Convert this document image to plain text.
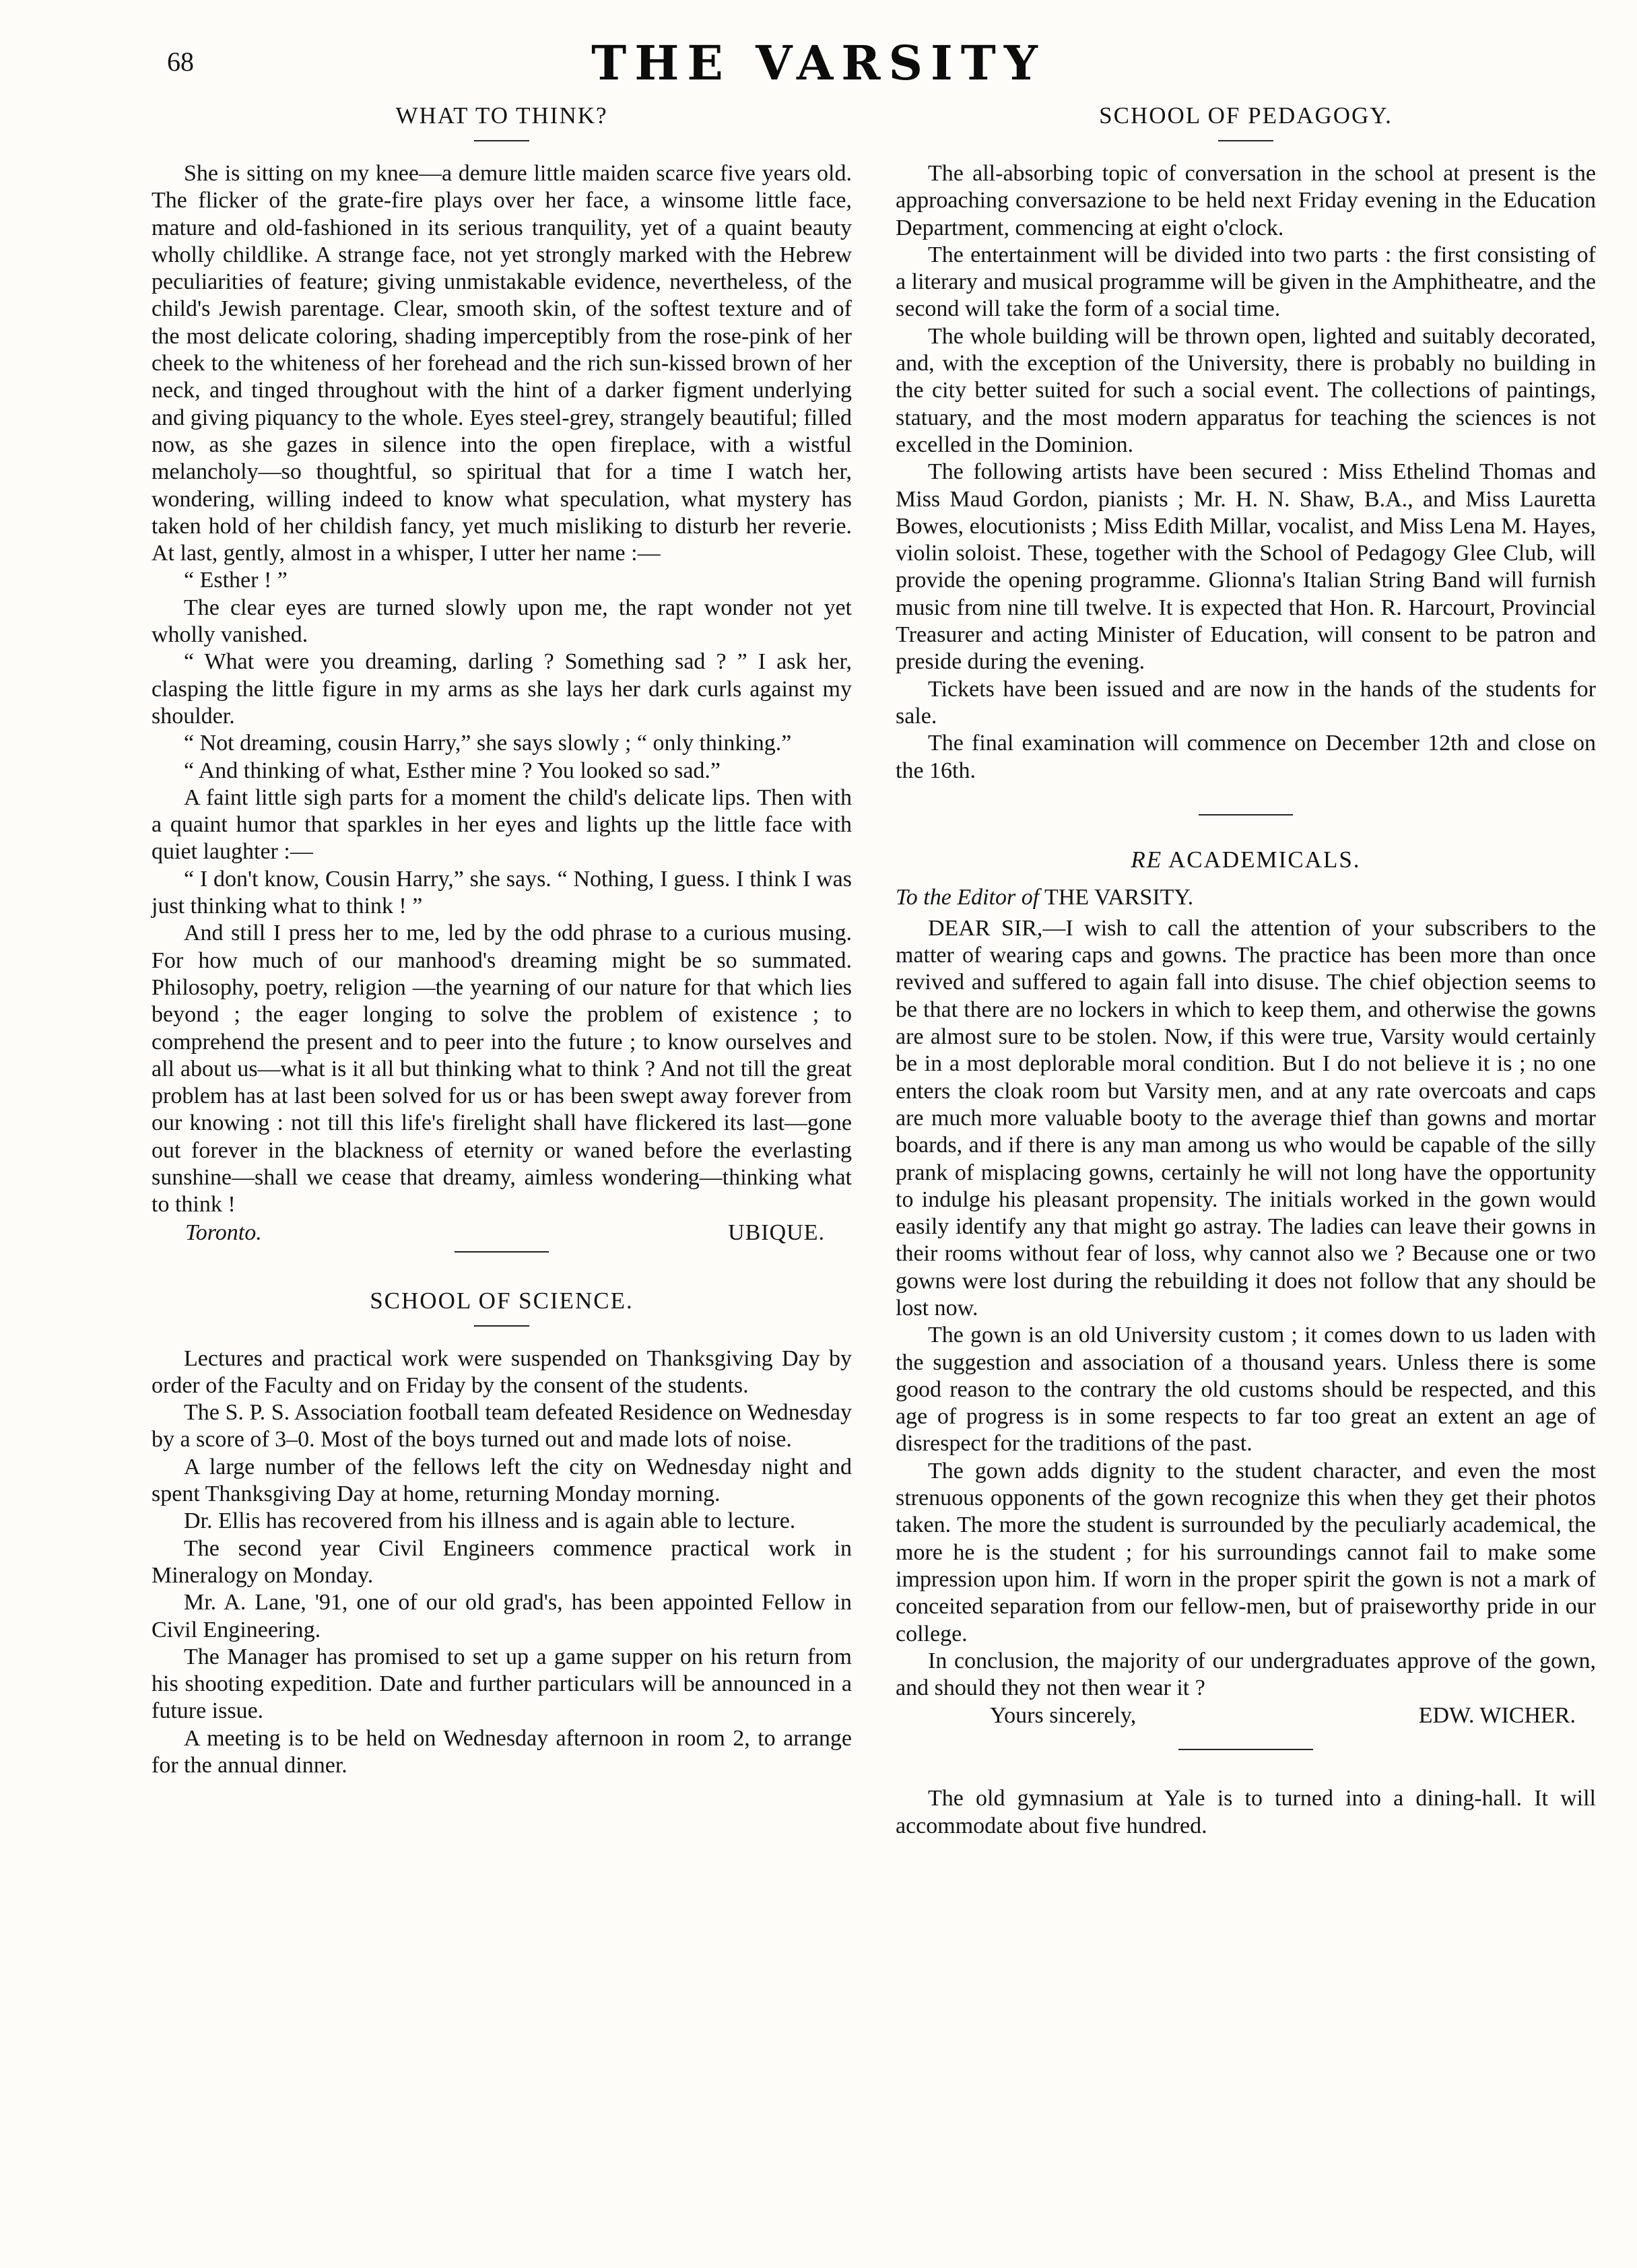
68	THE VARSITY
WHAT TO THINK?

She is sitting on my knee—a demure little maiden scarce five years old. The flicker of the grate-fire plays over her face, a winsome little face, mature and old-fashioned in its serious tranquility, yet of a quaint beauty wholly childlike. A strange face, not yet strongly marked with the Hebrew peculiarities of feature; giving unmistakable evidence, nevertheless, of the child's Jewish parentage. Clear, smooth skin, of the softest texture and of the most delicate coloring, shading imperceptibly from the rose-pink of her cheek to the whiteness of her forehead and the rich sun-kissed brown of her neck, and tinged throughout with the hint of a darker figment underlying and giving piquancy to the whole. Eyes steel-grey, strangely beautiful; filled now, as she gazes in silence into the open fireplace, with a wistful melancholy—so thoughtful, so spiritual that for a time I watch her, wondering, willing indeed to know what speculation, what mystery has taken hold of her childish fancy, yet much misliking to disturb her reverie. At last, gently, almost in a whisper, I utter her name :—

“ Esther ! ”

The clear eyes are turned slowly upon me, the rapt wonder not yet wholly vanished.

“ What were you dreaming, darling ? Something sad ? ” I ask her, clasping the little figure in my arms as she lays her dark curls against my shoulder.

“ Not dreaming, cousin Harry,” she says slowly ; “ only thinking.”

“ And thinking of what, Esther mine ? You looked so sad.”

A faint little sigh parts for a moment the child's delicate lips. Then with a quaint humor that sparkles in her eyes and lights up the little face with quiet laughter :—

“ I don't know, Cousin Harry,” she says. “ Nothing, I guess. I think I was just thinking what to think ! ”

And still I press her to me, led by the odd phrase to a curious musing. For how much of our manhood's dreaming might be so summated. Philosophy, poetry, religion —the yearning of our nature for that which lies beyond ; the eager longing to solve the problem of existence ; to comprehend the present and to peer into the future ; to know ourselves and all about us—what is it all but thinking what to think ? And not till the great problem has at last been solved for us or has been swept away forever from our knowing : not till this life's firelight shall have flickered its last—gone out forever in the blackness of eternity or waned before the everlasting sunshine—shall we cease that dreamy, aimless wondering—thinking what to think !

Toronto.	UBIQUE.
SCHOOL OF SCIENCE.

Lectures and practical work were suspended on Thanksgiving Day by order of the Faculty and on Friday by the consent of the students.

The S. P. S. Association football team defeated Residence on Wednesday by a score of 3–0. Most of the boys turned out and made lots of noise.

A large number of the fellows left the city on Wednesday night and spent Thanksgiving Day at home, returning Monday morning.

Dr. Ellis has recovered from his illness and is again able to lecture.

The second year Civil Engineers commence practical work in Mineralogy on Monday.

Mr. A. Lane, '91, one of our old grad's, has been appointed Fellow in Civil Engineering.

The Manager has promised to set up a game supper on his return from his shooting expedition. Date and further particulars will be announced in a future issue.

A meeting is to be held on Wednesday afternoon in room 2, to arrange for the annual dinner.

SCHOOL OF PEDAGOGY.

The all-absorbing topic of conversation in the school at present is the approaching conversazione to be held next Friday evening in the Education Department, commencing at eight o'clock.

The entertainment will be divided into two parts : the first consisting of a literary and musical programme will be given in the Amphitheatre, and the second will take the form of a social time.

The whole building will be thrown open, lighted and suitably decorated, and, with the exception of the University, there is probably no building in the city better suited for such a social event. The collections of paintings, statuary, and the most modern apparatus for teaching the sciences is not excelled in the Dominion.

The following artists have been secured : Miss Ethelind Thomas and Miss Maud Gordon, pianists ; Mr. H. N. Shaw, B.A., and Miss Lauretta Bowes, elocutionists ; Miss Edith Millar, vocalist, and Miss Lena M. Hayes, violin soloist. These, together with the School of Pedagogy Glee Club, will provide the opening programme. Glionna's Italian String Band will furnish music from nine till twelve. It is expected that Hon. R. Harcourt, Provincial Treasurer and acting Minister of Education, will consent to be patron and preside during the evening.

Tickets have been issued and are now in the hands of the students for sale.

The final examination will commence on December 12th and close on the 16th.

RE ACADEMICALS.
To the Editor of THE VARSITY.

DEAR SIR,—I wish to call the attention of your subscribers to the matter of wearing caps and gowns. The practice has been more than once revived and suffered to again fall into disuse. The chief objection seems to be that there are no lockers in which to keep them, and otherwise the gowns are almost sure to be stolen. Now, if this were true, Varsity would certainly be in a most deplorable moral condition. But I do not believe it is ; no one enters the cloak room but Varsity men, and at any rate overcoats and caps are much more valuable booty to the average thief than gowns and mortar boards, and if there is any man among us who would be capable of the silly prank of misplacing gowns, certainly he will not long have the opportunity to indulge his pleasant propensity. The initials worked in the gown would easily identify any that might go astray. The ladies can leave their gowns in their rooms without fear of loss, why cannot also we ? Because one or two gowns were lost during the rebuilding it does not follow that any should be lost now.

The gown is an old University custom ; it comes down to us laden with the suggestion and association of a thousand years. Unless there is some good reason to the contrary the old customs should be respected, and this age of progress is in some respects to far too great an extent an age of disrespect for the traditions of the past.

The gown adds dignity to the student character, and even the most strenuous opponents of the gown recognize this when they get their photos taken. The more the student is surrounded by the peculiarly academical, the more he is the student ; for his surroundings cannot fail to make some impression upon him. If worn in the proper spirit the gown is not a mark of conceited separation from our fellow-men, but of praiseworthy pride in our college.

In conclusion, the majority of our undergraduates approve of the gown, and should they not then wear it ?

Yours sincerely,	EDW. WICHER.

The old gymnasium at Yale is to turned into a dining-hall. It will accommodate about five hundred.
